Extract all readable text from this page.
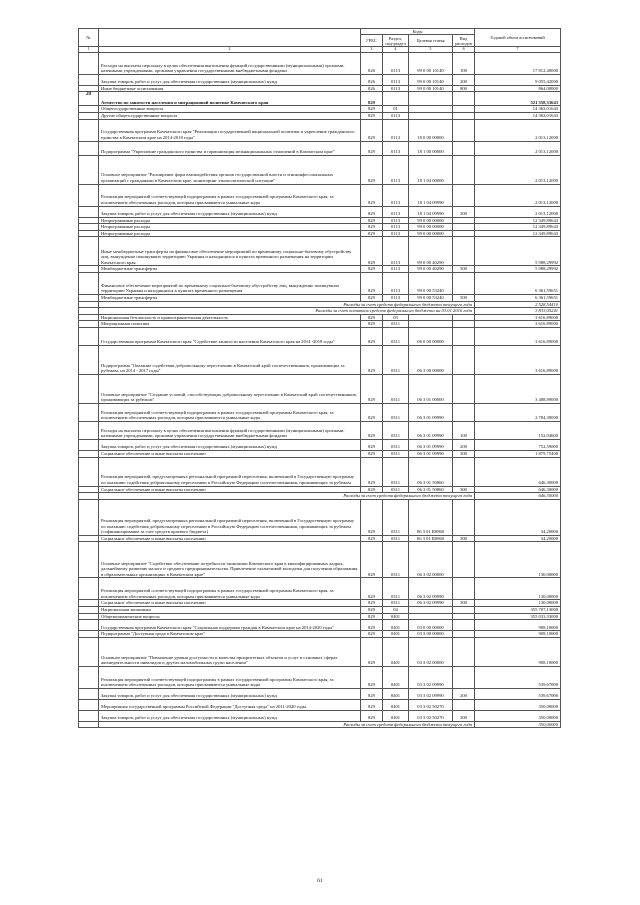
№		Коды				Годовой объем ассигнований
		ГРБС	Раздел, под-раздел	Целевая статья	Вид расходов	
1	2	3	4	5	6	7
	Расходы на выплаты персоналу в целях обеспечения выполнения функций государственными (муниципальными) органами, казенными учреждениями, органами управления государственными внебюджетными фондами	826	0113	99 0 00 10140	100	17 812,40000
	Закупка товаров, работ и услуг для обеспечения государственных (муниципальных) нужд	826	0113	99 0 00 10140	200	9 055,42000
	Иные бюджетные ассигнования	826	0113	99 0 00 10140	800	864,00000
20	Агентство по занятости населения и миграционной политике Камчатского края	829				521 358,33643
	Общегосударственные вопросы	829	01			14 363,01643
	Другие общегосударственные вопросы	829	0113			14 363,01643
	Государственная программа Камчатского края "Реализация государственной национальной политики и укрепление гражданского единства в Камчатском крае на 2014-2018 годы"	829	0113	18 0 00 00000		2 013,12000
	Подпрограмма "Укрепление гражданского единства и гармонизация межнациональных отношений в Камчатском крае"	829	0113	18 1 00 00000		2 013,12000
	Основное мероприятие "Расширение форм взаимодействия органов государственной власти и этноконфессиональных организаций с гражданами в Камчатском крае, мониторинг этнополитической ситуации"	829	0113	18 1 04 00000		2 013,12000
	Реализация мероприятий соответствующей подпрограммы в рамках государственной программы Камчатского края, за исключением обеспеченных расходов, которым присваиваются уникальные коды	829	0113	18 1 04 09990		2 013,12000
	Закупка товаров, работ и услуг для обеспечения государственных (муниципальных) нужд	829	0113	18 1 04 09990	200	2 013,12000
	Непрограммные расходы	829	0113	99 0 00 00000		12 349,89643
	Непрограммные расходы	829	0113	99 0 00 00000		12 349,89643
	Непрограммные расходы	829	0113	99 0 00 00000		12 349,89643
	Иные межбюджетные трансферты на финансовое обеспечение мероприятий по временному социально-бытовому обустройству лиц, вынужденно покинувших территорию Украины и находящихся в пунктах временного размещения на территории Камчатского края	829	0113	99 0 00 40290		5 988,29992
	Межбюджетные трансферты	829	0113	99 0 00 40290	500	5 988,29992
	Финансовое обеспечение мероприятий по временному социально-бытовому обустройству лиц, вынужденно покинувших территорию Украины и находящихся в пунктах временного размещения	829	0113	99 0 00 53240		6 361,59651
	Межбюджетные трансферты	829	0113	99 0 00 53240	500	6 361,59651
	Расходы за счет средств федерального бюджета текущего года					2 528,54410
	Расходы за счет остатков средств федерального бюджета на 01.01.2016 года					3 833,05241
	Национальная безопасность и правоохранительная деятельность	829	03			3 616,89000
	Миграционная политика	829	0311			3 616,89000
	Государственная программа Камчатского края "Содействие занятости населения Камчатского края на 2014 -2018 годы"	829	0311	06 0 00 00000		3 616,89000
	Подпрограмма "Оказание содействия добровольному переселению в Камчатский край соотечественников, проживающих за рубежом, на 2014 - 2017 годы"	829	0311	06 3 00 00000		3 616,89000
	Основное мероприятие "Создание условий, способствующих добровольному переселению в Камчатский край соотечественников, проживающих за рубежом"	829	0311	06 3 01 00000		3 488,89000
	Реализация мероприятий соответствующей подпрограммы в рамках государственной программы Камчатского края, за исключением обеспеченных расходов, которым присваиваются уникальные коды	829	0311	06 3 01 09990		2 784,39000
	Расходы на выплаты персоналу в целях обеспечения выполнения функций государственными (муниципальными) органами, казенными учреждениями, органами управления государственными внебюджетными фондами	829	0311	06 3 01 09990	100	152,04600
	Закупка товаров, работ и услуг для обеспечения государственных (муниципальных) нужд	829	0311	06 3 01 09990	200	752,59000
	Социальное обеспечение и иные выплаты населению	829	0311	06 3 01 09990	300	1 879,75400
	Реализация мероприятий, предусмотренных региональной программой переселения, включенной в Государственную программу по оказанию содействия добровольному переселению в Российскую Федерацию соотечественников, проживающих за рубежом	829	0311	06 3 01 50860		646,30000
	Социальное обеспечение и иные выплаты населению	829	0311	06 3 01 50860	300	646,30000
	Расходы за счет средств федерального бюджета текущего года					646,30000
	Реализация мероприятий, предусмотренных региональной программой переселения, включенной в Государственную программу по оказанию содействия добровольному переселению в Российскую Федерацию соотечественников, проживающих за рубежом (софинансирование за счет средств краевого бюджета)	829	0311	06 3 01 R0860		34,20000
	Социальное обеспечение и иные выплаты населению	829	0311	06 3 01 R0860	300	34,20000
	Основное мероприятие "Содействие обеспечению потребности экономики Камчатского края в квалифицированных кадрах, дальнейшему развитию малого и среднего предпринимательства. Привлечение талантливой молодежи для получения образования в образовательных организациях в Камчатском крае"	829	0311	06 3 02 00000		130,00000
	Реализация мероприятий соответствующей подпрограммы в рамках государственной программы Камчатского края, за исключением обеспеченных расходов, которым присваиваются уникальные коды	829	0311	06 3 02 09990		130,00000
	Социальное обеспечение и иные выплаты населению	829	0311	06 3 02 09990	300	130,00000
	Национальная экономика	829	04			355 707,13000
	Общеэкономические вопросы	829	0401			355 033,33000
	Государственная программа Камчатского края "Социальная поддержка граждан в Камчатском крае на 2014-2020 годы"	829	0401	03 0 00 00000		908,10000
	Подпрограмма "Доступная среда в Камчатском крае"	829	0401	03 3 00 00000		908,10000
	Основное мероприятие "Повышение уровня доступности и качества приоритетных объектов и услуг в основных сферах жизнедеятельности инвалидов и других маломобильных групп населения"	829	0401	03 3 02 00000		908,10000
	Реализация мероприятий соответствующей подпрограммы в рамках государственной программы Камчатского края, за исключением обеспеченных расходов, которым присваиваются уникальные коды	829	0401	03 3 02 09990		539,67000
	Закупка товаров, работ и услуг для обеспечения государственных (муниципальных) нужд	829	0401	03 3 02 09990	200	539,67000
	Мероприятия государственной программы Российской Федерации "Доступная среда" на 2011-2020 годы	829	0401	03 3 02 50270		350,00000
	Закупка товаров, работ и услуг для обеспечения государственных (муниципальных) нужд	829	0401	03 3 02 50270	200	350,00000
	Расходы за счет средств федерального бюджета текущего года					350,00000
61
